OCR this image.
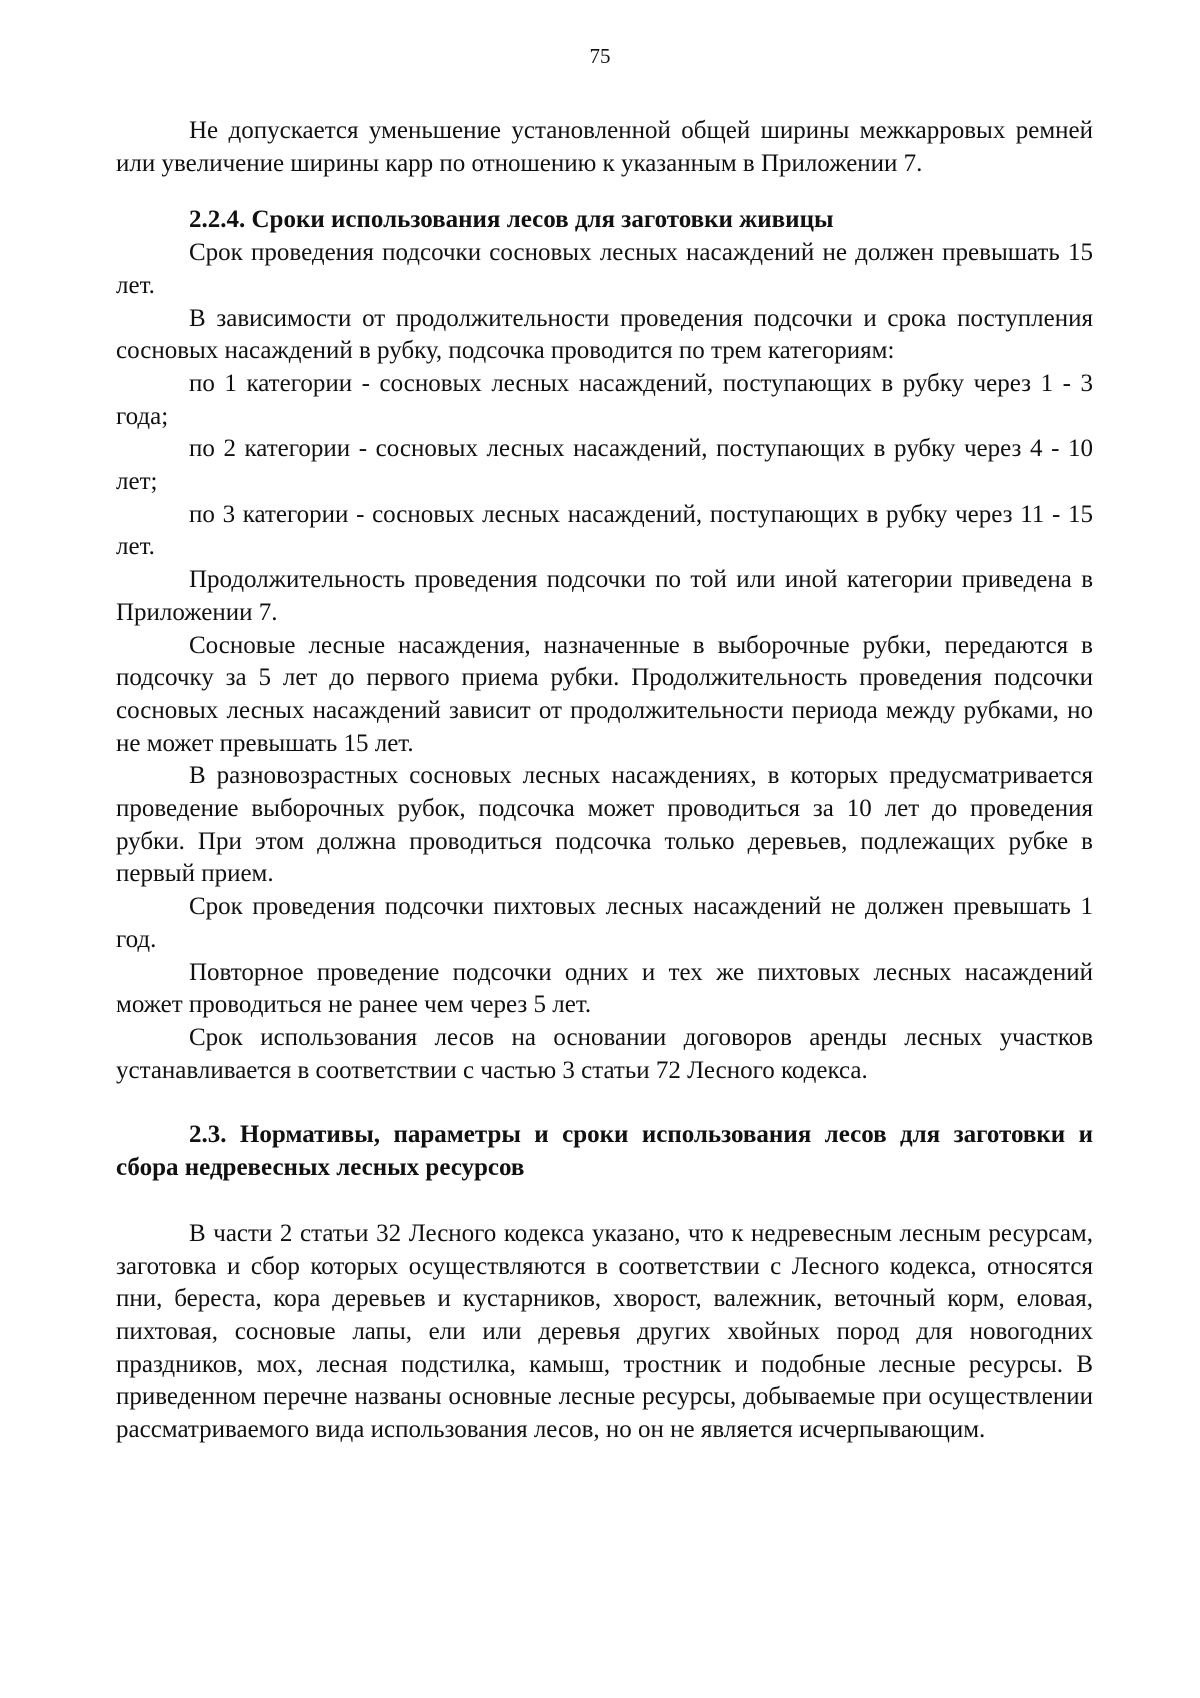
75

Не допускается уменьшение установленной общей ширины межкарровых ремней или увеличение ширины карр по отношению к указанным в Приложении 7.

2.2.4. Сроки использования лесов для заготовки живицы

Срок проведения подсочки сосновых лесных насаждений не должен превышать 15 лет.

В зависимости от продолжительности проведения подсочки и срока поступления сосновых насаждений в рубку, подсочка проводится по трем категориям:

по 1 категории - сосновых лесных насаждений, поступающих в рубку через 1 - 3 года;

по 2 категории - сосновых лесных насаждений, поступающих в рубку через 4 - 10 лет;

по 3 категории - сосновых лесных насаждений, поступающих в рубку через 11 - 15 лет.

Продолжительность проведения подсочки по той или иной категории приведена в Приложении 7.

Сосновые лесные насаждения, назначенные в выборочные рубки, передаются в подсочку за 5 лет до первого приема рубки. Продолжительность проведения подсочки сосновых лесных насаждений зависит от продолжительности периода между рубками, но не может превышать 15 лет.

В разновозрастных сосновых лесных насаждениях, в которых предусматривается проведение выборочных рубок, подсочка может проводиться за 10 лет до проведения рубки. При этом должна проводиться подсочка только деревьев, подлежащих рубке в первый прием.

Срок проведения подсочки пихтовых лесных насаждений не должен превышать 1 год.

Повторное проведение подсочки одних и тех же пихтовых лесных насаждений может проводиться не ранее чем через 5 лет.

Срок использования лесов на основании договоров аренды лесных участков устанавливается в соответствии с частью 3 статьи 72 Лесного кодекса.

2.3. Нормативы, параметры и сроки использования лесов для заготовки и сбора недревесных лесных ресурсов

В части 2 статьи 32 Лесного кодекса указано, что к недревесным лесным ресурсам, заготовка и сбор которых осуществляются в соответствии с Лесного кодекса, относятся пни, береста, кора деревьев и кустарников, хворост, валежник, веточный корм, еловая, пихтовая, сосновые лапы, ели или деревья других хвойных пород для новогодних праздников, мох, лесная подстилка, камыш, тростник и подобные лесные ресурсы. В приведенном перечне названы основные лесные ресурсы, добываемые при осуществлении рассматриваемого вида использования лесов, но он не является исчерпывающим.
